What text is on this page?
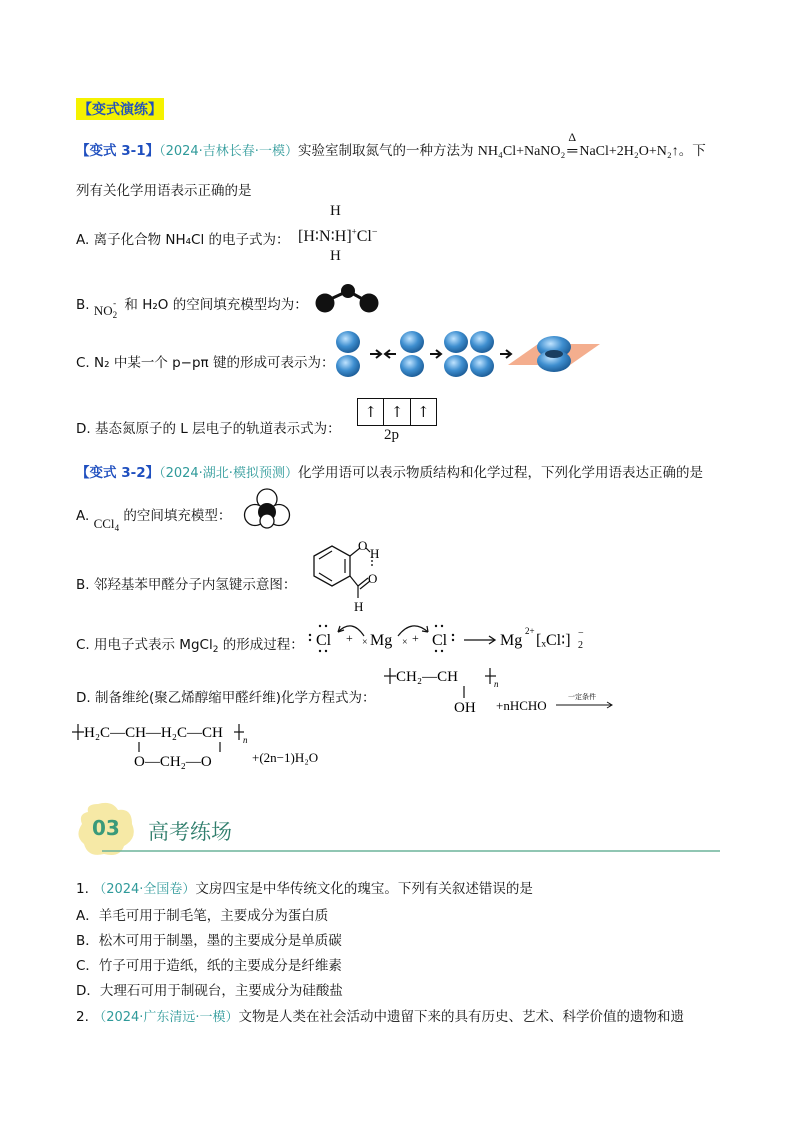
【变式演练】
【变式 3-1】（2024·吉林长春·一模）实验室制取氮气的一种方法为 NH₄Cl+NaNO₂
Δ
═ NaCl+2H₂O+N₂↑。下
列有关化学用语表示正确的是
A. 离子化合物 NH₄Cl 的电子式为：
H
[H∶N∶H]+Cl−
H
B. $NO_2^-$ 和 H₂O 的空间填充模型均为：
C. N₂ 中某一个 p−pπ 键的形成可表示为：
D. 基态氮原子的 L 层电子的轨道表示式为：
↑ ↑ ↑
2p
【变式 3-2】（2024·湖北·模拟预测）化学用语可以表示物质结构和化学过程，下列化学用语表达正确的是
A. CCl$_4$ 的空间填充模型：
B. 邻羟基苯甲醛分子内氢键示意图：
O
H
O
H
C. 用电子式表示 MgCl$_2$ 的形成过程： Cl + Mg + Cl
×	×	Mg
2+
[ₓCl∶] −
2
D. 制备维纶(聚乙烯醇缩甲醛纤维)化学方程式为：
CH₂—CH	n
OH +nHCHO
一定条件
H₂C—CH—H₂C—CH n
O—CH₂—O	+(2n−1)H₂O
03 高考练场
1. （2024·全国卷）文房四宝是中华传统文化的瑰宝。下列有关叙述错误的是
A．羊毛可用于制毛笔，主要成分为蛋白质
B．松木可用于制墨，墨的主要成分是单质碳
C．竹子可用于造纸，纸的主要成分是纤维素
D．大理石可用于制砚台，主要成分为硅酸盐
2. （2024·广东清远·一模）文物是人类在社会活动中遗留下来的具有历史、艺术、科学价值的遗物和遗
